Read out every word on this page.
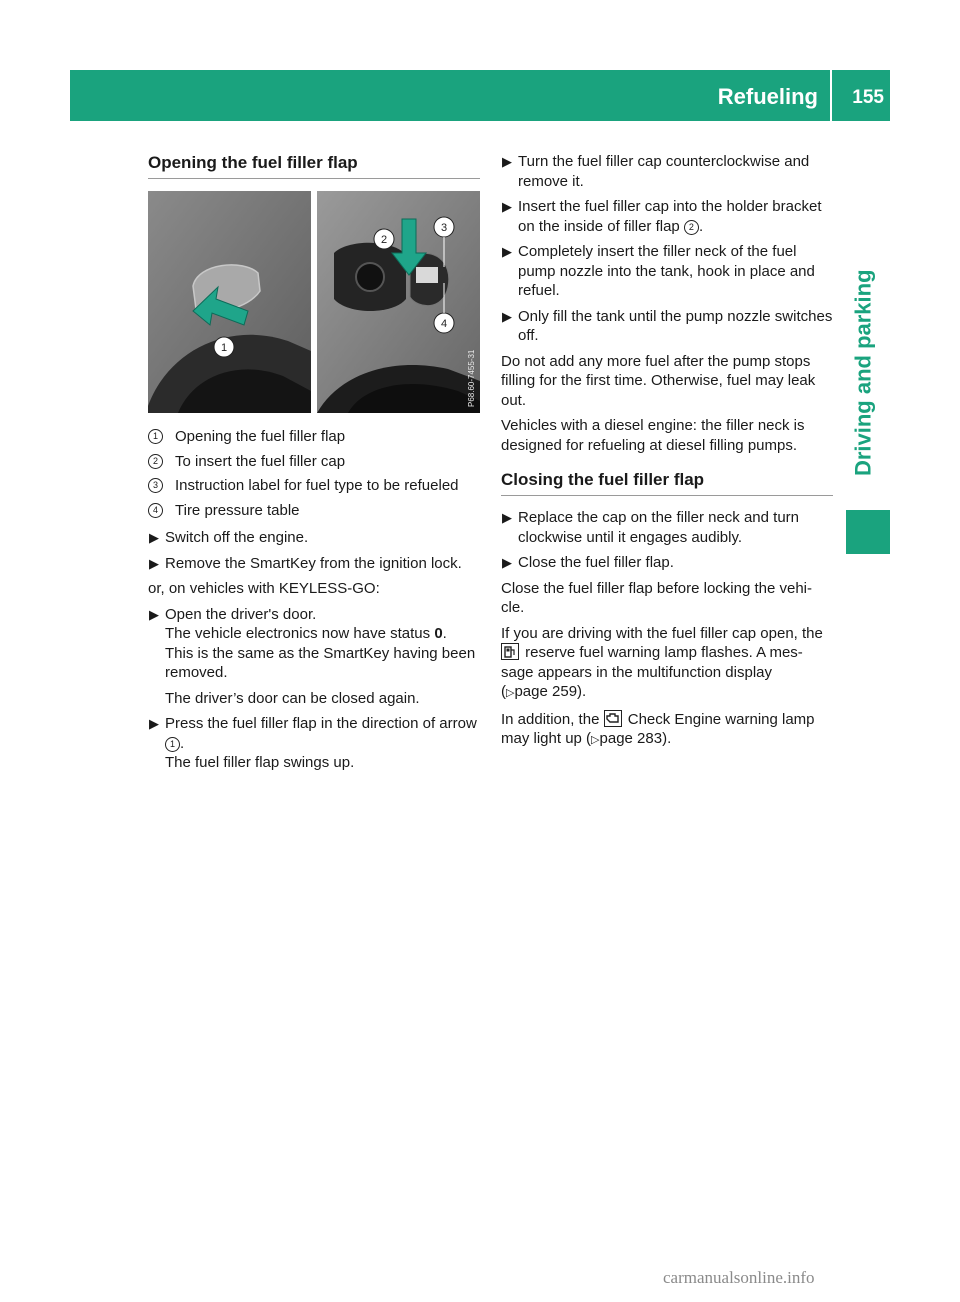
Refueling 155
Driving and parking
Opening the fuel filler flap
1
2
3
4
P68.60-7455-31
1	Opening the fuel filler flap
2	To insert the fuel filler cap
3	Instruction label for fuel type to be refueled
4	Tire pressure table
▶ Switch off the engine.
▶ Remove the SmartKey from the ignition lock.

or, on vehicles with KEYLESS-GO:

▶ Open the driver's door.
The vehicle electronics now have status 0.
This is the same as the SmartKey having been removed.
The driver’s door can be closed again.
▶ Press the fuel filler flap in the direction of arrow 1 .
The fuel filler flap swings up.
▶ Turn the fuel filler cap counterclockwise and remove it.
▶ Insert the fuel filler cap into the holder bracket on the inside of filler flap 2 .
▶ Completely insert the filler neck of the fuel pump nozzle into the tank, hook in place and refuel.
▶ Only fill the tank until the pump nozzle switches off.

Do not add any more fuel after the pump stops filling for the first time. Otherwise, fuel may leak out.

Vehicles with a diesel engine: the filler neck is designed for refueling at diesel filling pumps.

Closing the fuel filler flap
▶ Replace the cap on the filler neck and turn clockwise until it engages audibly.
▶ Close the fuel filler flap.

Close the fuel filler flap before locking the vehi-cle.

If you are driving with the fuel filler cap open, the  reserve fuel warning lamp flashes. A mes-sage appears in the multifunction display
(▷page 259).

In addition, the  Check Engine warning lamp may light up (▷page 283).

carmanualsonline.info
